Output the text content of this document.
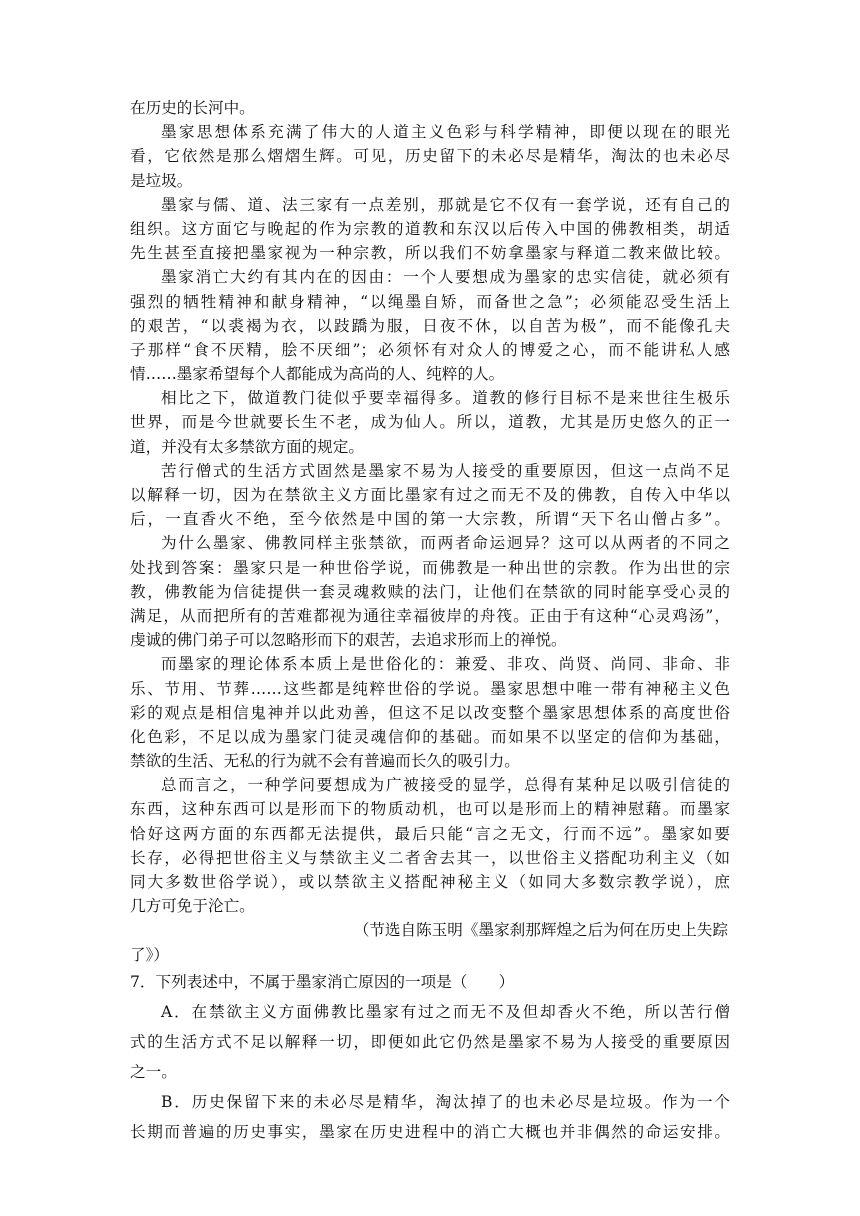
在历史的长河中。
墨家思想体系充满了伟大的人道主义色彩与科学精神，即便以现在的眼光
看，它依然是那么熠熠生辉。可见，历史留下的未必尽是精华，淘汰的也未必尽
是垃圾。
墨家与儒、道、法三家有一点差别，那就是它不仅有一套学说，还有自己的
组织。这方面它与晚起的作为宗教的道教和东汉以后传入中国的佛教相类，胡适
先生甚至直接把墨家视为一种宗教，所以我们不妨拿墨家与释道二教来做比较。
墨家消亡大约有其内在的因由：一个人要想成为墨家的忠实信徒，就必须有
强烈的牺牲精神和献身精神，“以绳墨自矫，而备世之急”；必须能忍受生活上
的艰苦，“以裘褐为衣，以跂蹻为服，日夜不休，以自苦为极”，而不能像孔夫
子那样“食不厌精，脍不厌细”；必须怀有对众人的博爱之心，而不能讲私人感
情……墨家希望每个人都能成为高尚的人、纯粹的人。
相比之下，做道教门徒似乎要幸福得多。道教的修行目标不是来世往生极乐
世界，而是今世就要长生不老，成为仙人。所以，道教，尤其是历史悠久的正一
道，并没有太多禁欲方面的规定。
苦行僧式的生活方式固然是墨家不易为人接受的重要原因，但这一点尚不足
以解释一切，因为在禁欲主义方面比墨家有过之而无不及的佛教，自传入中华以
后，一直香火不绝，至今依然是中国的第一大宗教，所谓“天下名山僧占多”。
为什么墨家、佛教同样主张禁欲，而两者命运迥异？这可以从两者的不同之
处找到答案：墨家只是一种世俗学说，而佛教是一种出世的宗教。作为出世的宗
教，佛教能为信徒提供一套灵魂救赎的法门，让他们在禁欲的同时能享受心灵的
满足，从而把所有的苦难都视为通往幸福彼岸的舟筏。正由于有这种“心灵鸡汤”，
虔诚的佛门弟子可以忽略形而下的艰苦，去追求形而上的禅悦。
而墨家的理论体系本质上是世俗化的：兼爱、非攻、尚贤、尚同、非命、非
乐、节用、节葬……这些都是纯粹世俗的学说。墨家思想中唯一带有神秘主义色
彩的观点是相信鬼神并以此劝善，但这不足以改变整个墨家思想体系的高度世俗
化色彩，不足以成为墨家门徒灵魂信仰的基础。而如果不以坚定的信仰为基础，
禁欲的生活、无私的行为就不会有普遍而长久的吸引力。
总而言之，一种学问要想成为广被接受的显学，总得有某种足以吸引信徒的
东西，这种东西可以是形而下的物质动机，也可以是形而上的精神慰藉。而墨家
恰好这两方面的东西都无法提供，最后只能“言之无文，行而不远”。墨家如要
长存，必得把世俗主义与禁欲主义二者舍去其一，以世俗主义搭配功利主义（如
同大多数世俗学说），或以禁欲主义搭配神秘主义（如同大多数宗教学说），庶
几方可免于沦亡。
（节选自陈玉明《墨家刹那辉煌之后为何在历史上失踪
了》）
7．下列表述中，不属于墨家消亡原因的一项是（　　）
A．在禁欲主义方面佛教比墨家有过之而无不及但却香火不绝，所以苦行僧
式的生活方式不足以解释一切，即便如此它仍然是墨家不易为人接受的重要原因
之一。
B．历史保留下来的未必尽是精华，淘汰掉了的也未必尽是垃圾。作为一个
长期而普遍的历史事实，墨家在历史进程中的消亡大概也并非偶然的命运安排。
